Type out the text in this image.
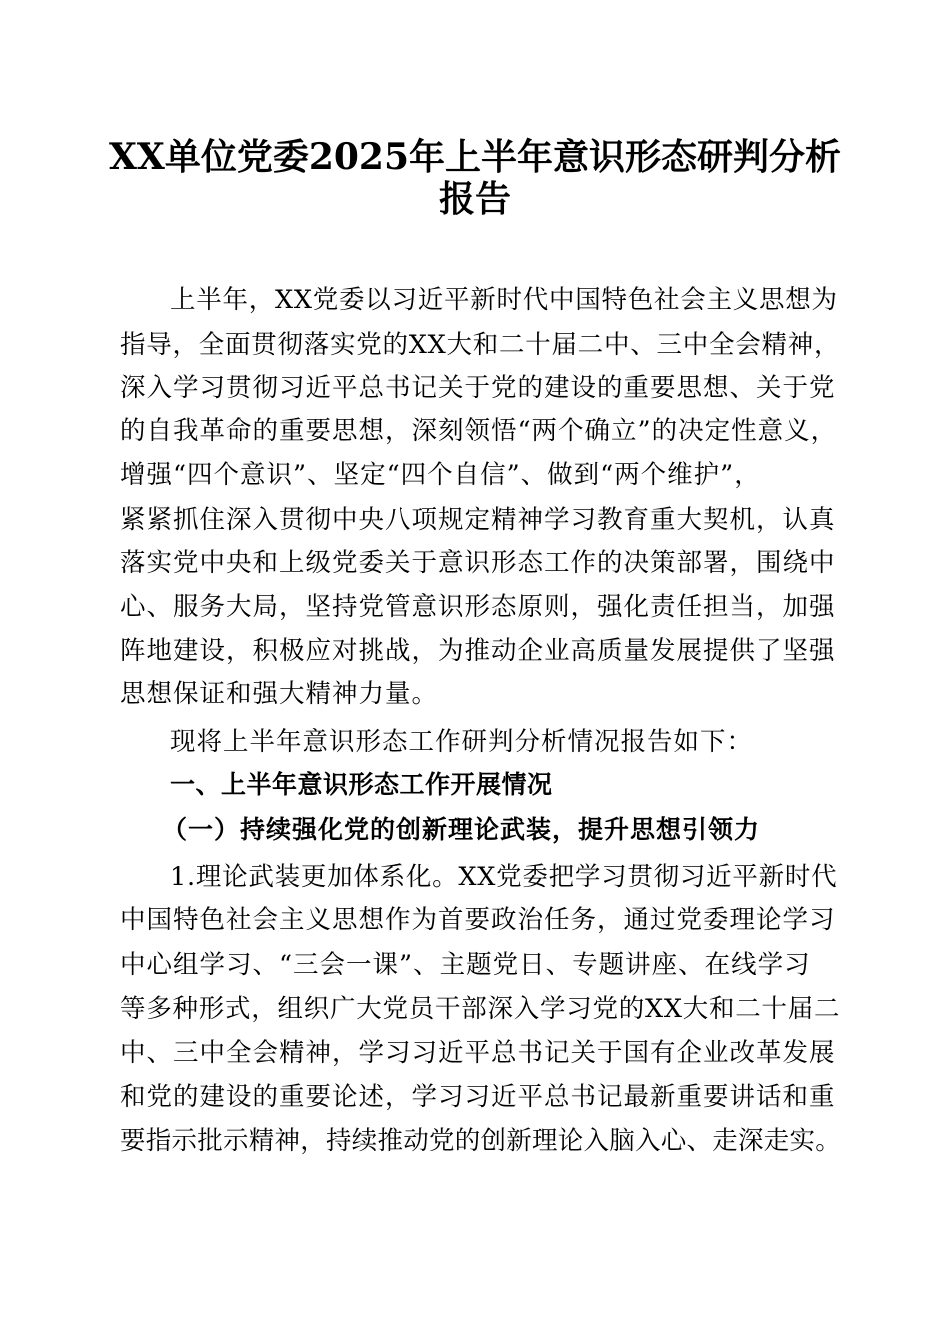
XX单位党委2025年上半年意识形态研判分析
报告
上半年，XX党委以习近平新时代中国特色社会主义思想为
指导，全面贯彻落实党的XX大和二十届二中、三中全会精神，
深入学习贯彻习近平总书记关于党的建设的重要思想、关于党
的自我革命的重要思想，深刻领悟“两个确立”的决定性意义，
增强“四个意识”、坚定“四个自信”、做到“两个维护”，
紧紧抓住深入贯彻中央八项规定精神学习教育重大契机，认真
落实党中央和上级党委关于意识形态工作的决策部署，围绕中
心、服务大局，坚持党管意识形态原则，强化责任担当，加强
阵地建设，积极应对挑战，为推动企业高质量发展提供了坚强
思想保证和强大精神力量。
现将上半年意识形态工作研判分析情况报告如下：
一、上半年意识形态工作开展情况
（一）持续强化党的创新理论武装，提升思想引领力
1.理论武装更加体系化。XX党委把学习贯彻习近平新时代
中国特色社会主义思想作为首要政治任务，通过党委理论学习
中心组学习、“三会一课”、主题党日、专题讲座、在线学习
等多种形式，组织广大党员干部深入学习党的XX大和二十届二
中、三中全会精神，学习习近平总书记关于国有企业改革发展
和党的建设的重要论述，学习习近平总书记最新重要讲话和重
要指示批示精神，持续推动党的创新理论入脑入心、走深走实。
